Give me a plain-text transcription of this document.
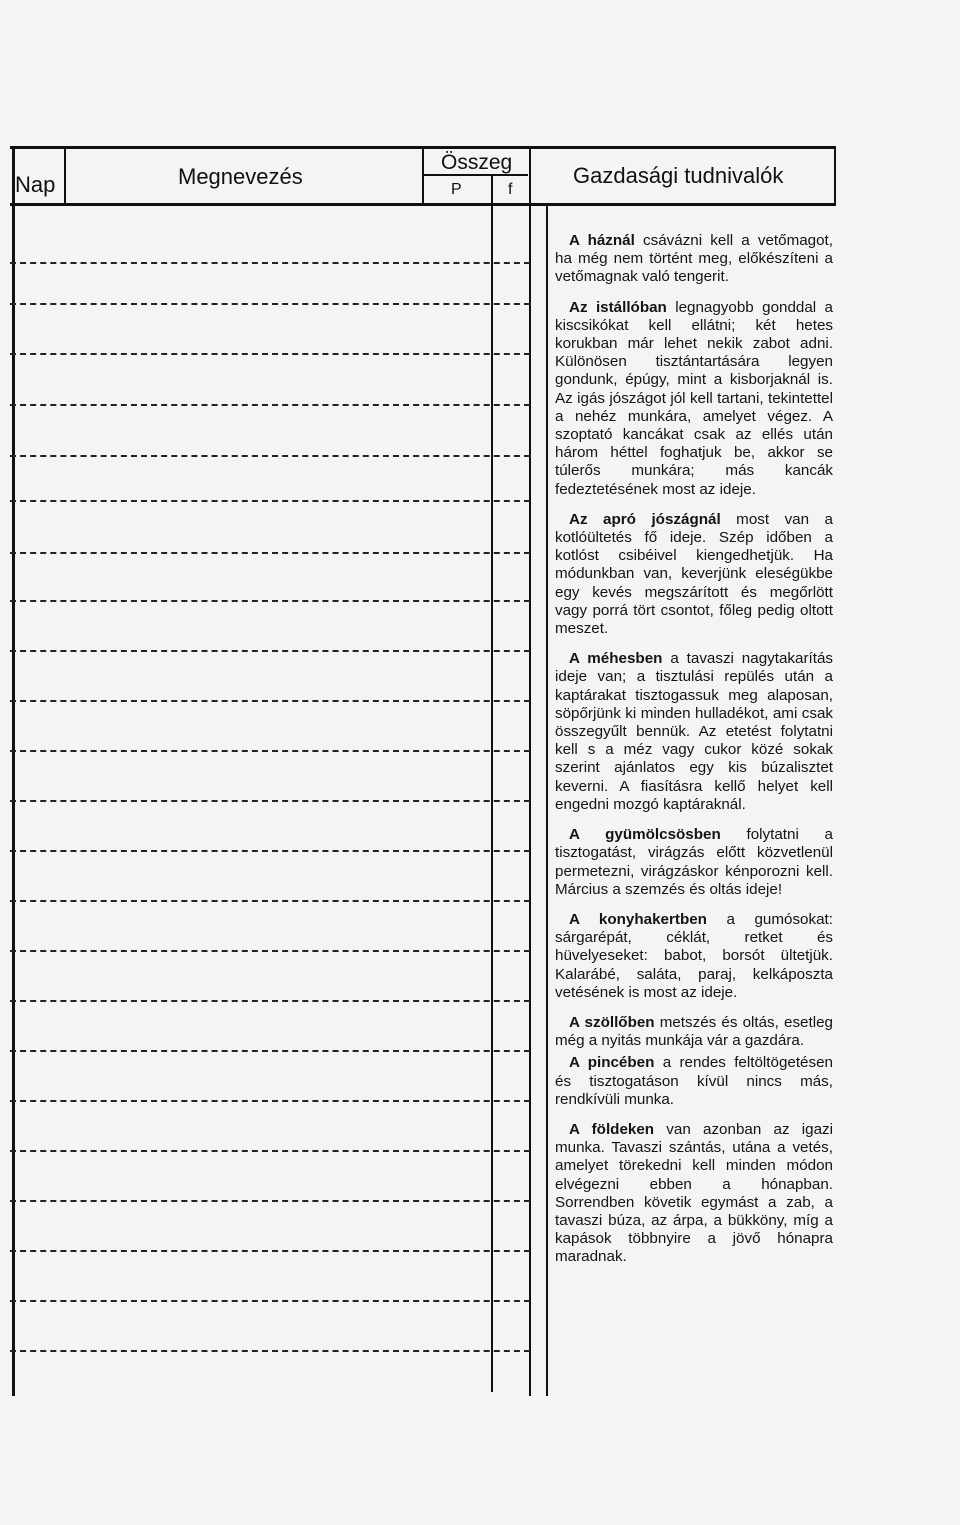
Nap	Megnevezés
Összeg
P	f
Gazdasági tudnivalók

A háznál csávázni kell a vetőmagot, ha még nem történt meg, előkészíteni a vetőmagnak való tengerit.

Az istállóban legnagyobb gonddal a kiscsikókat kell ellátni; két hetes korukban már lehet nekik zabot adni. Különösen tisztántartására legyen gondunk, épúgy, mint a kisborjaknál is. Az igás jószágot jól kell tartani, tekintettel a nehéz munkára, amelyet végez. A szoptató kancákat csak az ellés után három héttel foghatjuk be, akkor se túlerős munkára; más kancák fedeztetésének most az ideje.

Az apró jószágnál most van a kotlóültetés fő ideje. Szép időben a kotlóst csibéivel kiengedhetjük. Ha módunkban van, keverjünk eleségükbe egy kevés megszárított és megőrlött vagy porrá tört csontot, főleg pedig oltott meszet.

A méhesben a tavaszi nagytakarítás ideje van; a tisztulási repülés után a kaptárakat tisztogassuk meg alaposan, söpőrjünk ki minden hulladékot, ami csak összegyűlt bennük. Az etetést folytatni kell s a méz vagy cukor közé sokak szerint ajánlatos egy kis búzalisztet keverni. A fiasításra kellő helyet kell engedni mozgó kaptáraknál.

A gyümölcsösben folytatni a tisztogatást, virágzás előtt közvetlenül permetezni, virágzáskor kénporozni kell. Március a szemzés és oltás ideje!

A konyhakertben a gumósokat: sárgarépát, céklát, retket és hüvelyeseket: babot, borsót ültetjük. Kalarábé, saláta, paraj, kelkáposzta vetésének is most az ideje.

A szöllőben metszés és oltás, esetleg még a nyitás munkája vár a gazdára.

A pincében a rendes feltöltögetésen és tisztogatáson kívül nincs más, rendkívüli munka.

A földeken van azonban az igazi munka. Tavaszi szántás, utána a vetés, amelyet törekedni kell minden módon elvégezni ebben a hónapban. Sorrendben követik egymást a zab, a tavaszi búza, az árpa, a bükköny, míg a kapások többnyire a jövő hónapra maradnak.
